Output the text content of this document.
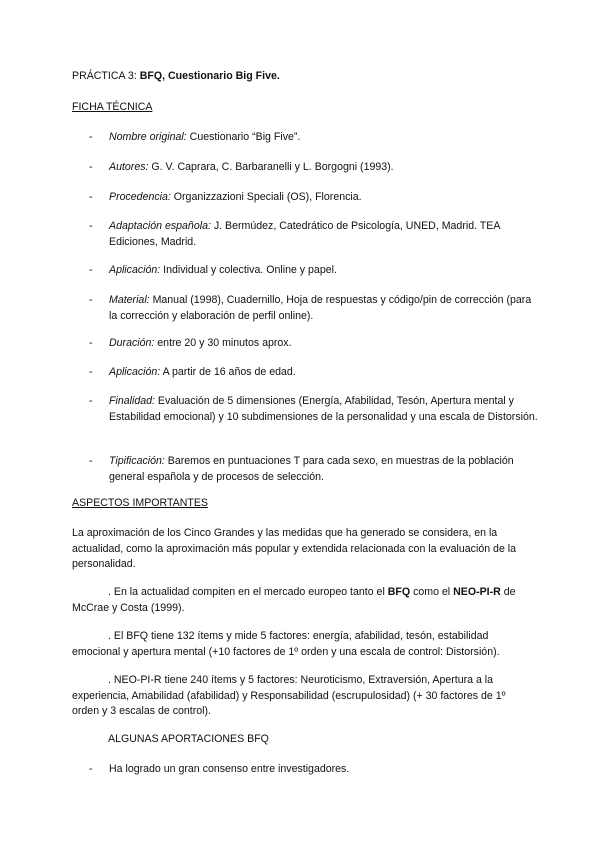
PRÁCTICA 3: BFQ, Cuestionario Big Five.
FICHA TÉCNICA
- Nombre original: Cuestionario “Big Five”.
- Autores: G. V. Caprara, C. Barbaranelli y L. Borgogni (1993).
- Procedencia: Organizzazioni Speciali (OS), Florencia.
- Adaptación española: J. Bermúdez, Catedrático de Psicología, UNED, Madrid. TEA Ediciones, Madrid.
- Aplicación: Individual y colectiva. Online y papel.
- Material: Manual (1998), Cuadernillo, Hoja de respuestas y código/pin de corrección (para la corrección y elaboración de perfil online).
- Duración: entre 20 y 30 minutos aprox.
- Aplicación: A partir de 16 años de edad.
- Finalidad: Evaluación de 5 dimensiones (Energía, Afabilidad, Tesón, Apertura mental y Estabilidad emocional) y 10 subdimensiones de la personalidad y una escala de Distorsión.
- Tipificación: Baremos en puntuaciones T para cada sexo, en muestras de la población general española y de procesos de selección.
ASPECTOS IMPORTANTES
La aproximación de los Cinco Grandes y las medidas que ha generado se considera, en la actualidad, como la aproximación más popular y extendida relacionada con la evaluación de la personalidad.
. En la actualidad compiten en el mercado europeo tanto el BFQ como el NEO-PI-R de McCrae y Costa (1999).
. El BFQ tiene 132 ítems y mide 5 factores: energía, afabilidad, tesón, estabilidad emocional y apertura mental (+10 factores de 1º orden y una escala de control: Distorsión).
. NEO-PI-R tiene 240 ítems y 5 factores: Neuroticismo, Extraversión, Apertura a la experiencia, Amabilidad (afabilidad) y Responsabilidad (escrupulosidad) (+ 30 factores de 1º orden y 3 escalas de control).
ALGUNAS APORTACIONES BFQ
- Ha logrado un gran consenso entre investigadores.
